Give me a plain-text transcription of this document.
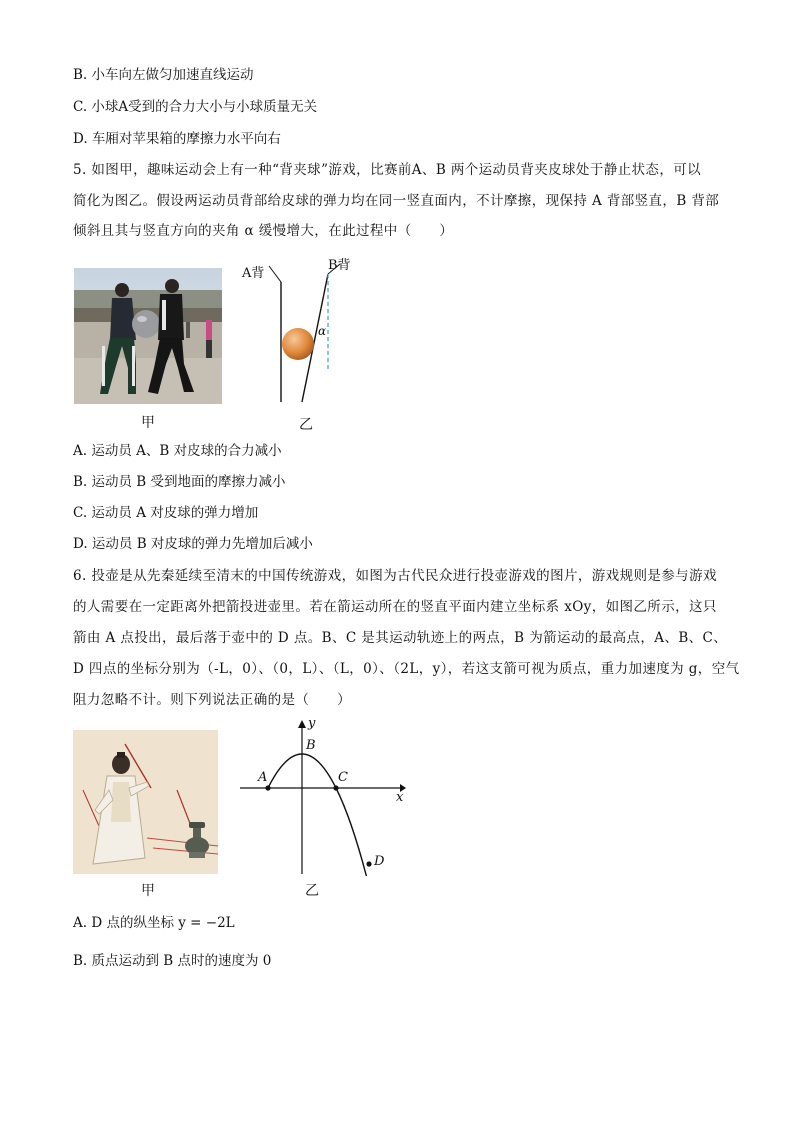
B. 小车向左做匀加速直线运动
C. 小球A受到的合力大小与小球质量无关
D. 车厢对苹果箱的摩擦力水平向右
5. 如图甲，趣味运动会上有一种“背夹球”游戏，比赛前A、B 两个运动员背夹皮球处于静止状态，可以
简化为图乙。假设两运动员背部给皮球的弹力均在同一竖直面内，不计摩擦，现保持 A 背部竖直，B 背部
倾斜且其与竖直方向的夹角 α 缓慢增大，在此过程中（　　）
甲
A背
B背
α
乙
A. 运动员 A、B 对皮球的合力减小
B. 运动员 B 受到地面的摩擦力减小
C. 运动员 A 对皮球的弹力增加
D. 运动员 B 对皮球的弹力先增加后减小
6. 投壶是从先秦延续至清末的中国传统游戏，如图为古代民众进行投壶游戏的图片，游戏规则是参与游戏
的人需要在一定距离外把箭投进壶里。若在箭运动所在的竖直平面内建立坐标系 xOy，如图乙所示，这只
箭由 A 点投出，最后落于壶中的 D 点。B、C 是其运动轨迹上的两点，B 为箭运动的最高点，A、B、C、
D 四点的坐标分别为（-L，0）、（0，L）、（L，0）、（2L，y），若这支箭可视为质点，重力加速度为 g，空气
阻力忽略不计。则下列说法正确的是（　　）
甲
y
x
A
B
C
D
乙
A. D 点的纵坐标 y = −2L
B. 质点运动到 B 点时的速度为 0
